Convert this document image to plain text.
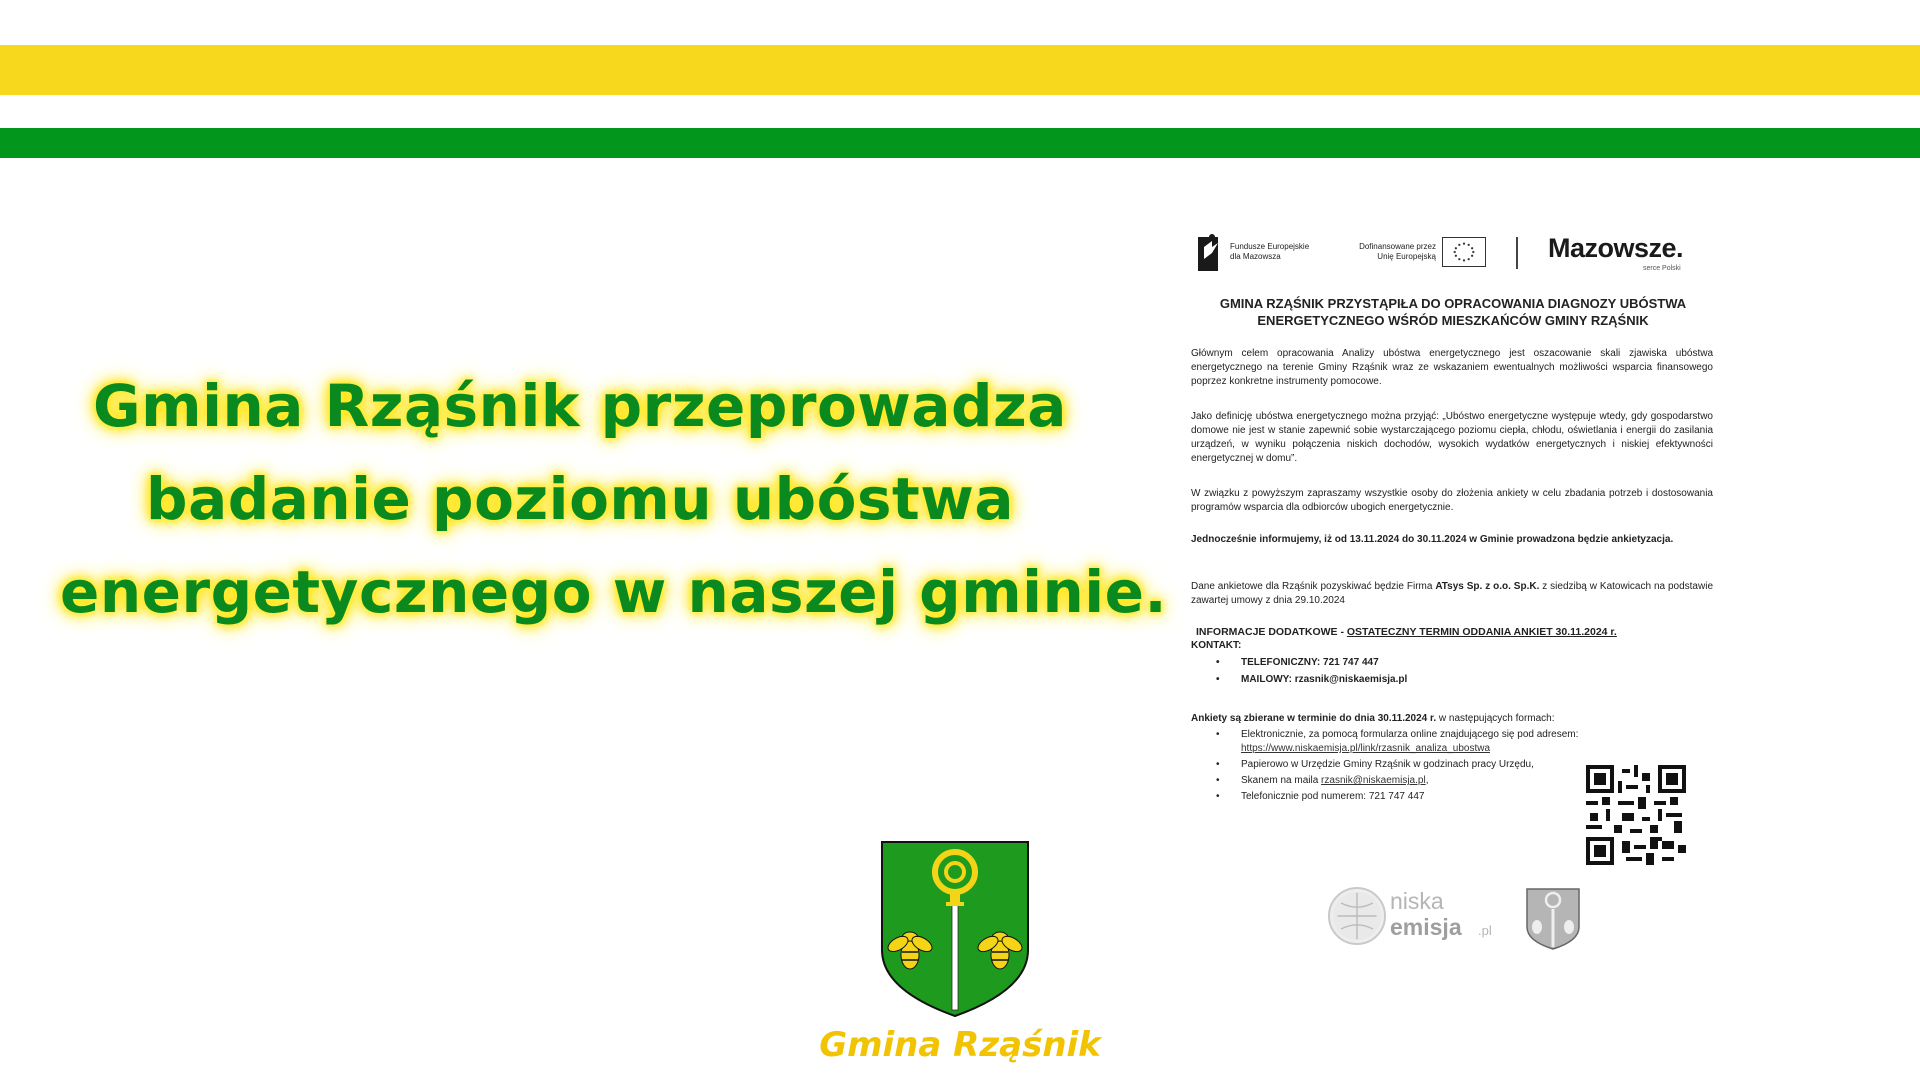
Gmina Rząśnik przeprowadza
badanie poziomu ubóstwa
energetycznego w naszej gminie.
Gmina Rząśnik
Fundusze Europejskie
dla Mazowsza
Dofinansowane przez
Unię Europejską	Mazowsze.
serce Polski
GMINA RZĄŚNIK PRZYSTĄPIŁA DO OPRACOWANIA DIAGNOZY UBÓSTWA
ENERGETYCZNEGO WŚRÓD MIESZKAŃCÓW GMINY RZĄŚNIK
Głównym celem opracowania Analizy ubóstwa energetycznego jest oszacowanie skali zjawiska ubóstwa energetycznego na terenie Gminy Rząśnik wraz ze wskazaniem ewentualnych możliwości wsparcia finansowego poprzez konkretne instrumenty pomocowe.
Jako definicję ubóstwa energetycznego można przyjąć: „Ubóstwo energetyczne występuje wtedy, gdy gospodarstwo domowe nie jest w stanie zapewnić sobie wystarczającego poziomu ciepła, chłodu, oświetlania i energii do zasilania urządzeń, w wyniku połączenia niskich dochodów, wysokich wydatków energetycznych i niskiej efektywności energetycznej w domu”.
W związku z powyższym zapraszamy wszystkie osoby do złożenia ankiety w celu zbadania potrzeb i dostosowania programów wsparcia dla odbiorców ubogich energetycznie.
Jednocześnie informujemy, iż od 13.11.2024 do 30.11.2024 w Gminie prowadzona będzie ankietyzacja.
Dane ankietowe dla Rząśnik pozyskiwać będzie Firma ATsys Sp. z o.o. Sp.K. z siedzibą w Katowicach na podstawie zawartej umowy z dnia 29.10.2024
INFORMACJE DODATKOWE - OSTATECZNY TERMIN ODDANIA ANKIET 30.11.2024 r.
KONTAKT:
• TELEFONICZNY: 721 747 447
• MAILOWY: rzasnik@niskaemisja.pl
Ankiety są zbierane w terminie do dnia 30.11.2024 r. w następujących formach:
• Elektronicznie, za pomocą formularza online znajdującego się pod adresem:
https://www.niskaemisja.pl/link/rzasnik_analiza_ubostwa
• Papierowo w Urzędzie Gminy Rząśnik w godzinach pracy Urzędu,
• Skanem na maila rzasnik@niskaemisja.pl,
• Telefonicznie pod numerem: 721 747 447
niska
emisja .pl
